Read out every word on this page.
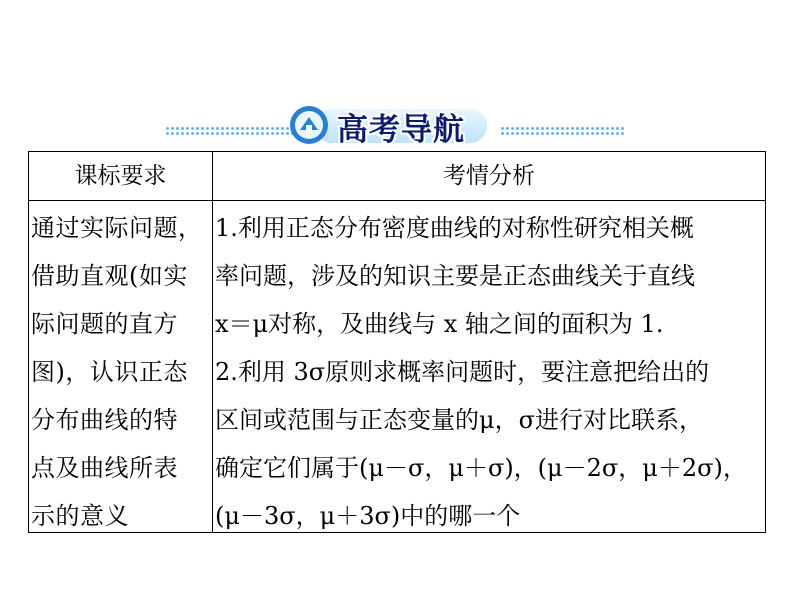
高考导航
课标要求	考情分析
通过实际问题，
借助直观(如实
际问题的直方
图)，认识正态
分布曲线的特
点及曲线所表
示的意义
1.利用正态分布密度曲线的对称性研究相关概
率问题，涉及的知识主要是正态曲线关于直线
x＝μ对称，及曲线与 x 轴之间的面积为 1.
2.利用 3σ原则求概率问题时，要注意把给出的
区间或范围与正态变量的μ，σ进行对比联系，
确定它们属于(μ－σ，μ＋σ)，(μ－2σ，μ＋2σ)，
(μ－3σ，μ＋3σ)中的哪一个
